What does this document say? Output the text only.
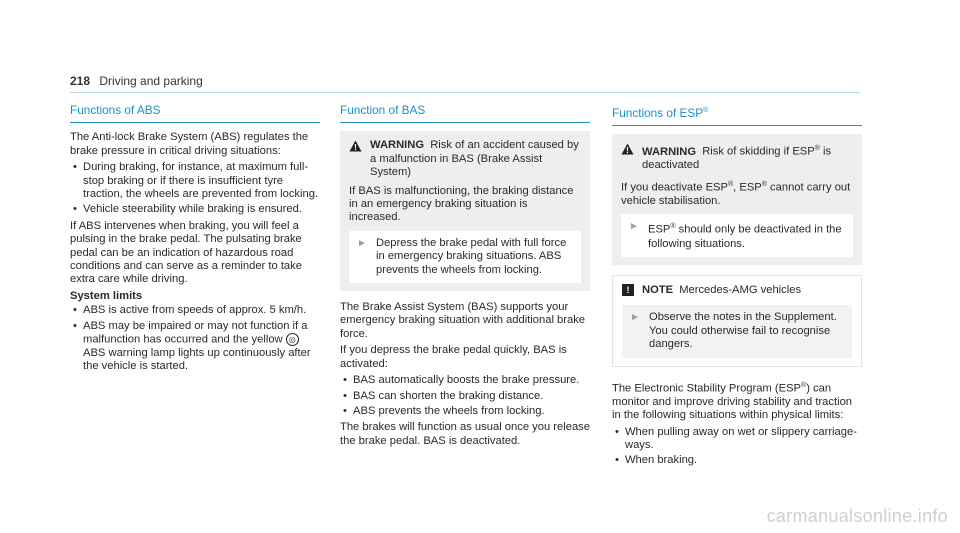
218 Driving and parking
Functions of ABS

The Anti-lock Brake System (ABS) regulates the brake pressure in critical driving situations:

• During braking, for instance, at maximum full-stop braking or if there is insufficient tyre traction, the wheels are prevented from locking.
• Vehicle steerability while braking is ensured.

If ABS intervenes when braking, you will feel a pulsing in the brake pedal. The pulsating brake pedal can be an indication of hazardous road conditions and can serve as a reminder to take extra care while driving.

System limits
• ABS is active from speeds of approx. 5 km/h.
• ABS may be impaired or may not function if a malfunction has occurred and the yellow ◎ ABS warning lamp lights up continuously after the vehicle is started.
Function of BAS
WARNING Risk of an accident caused by a malfunction in BAS (Brake Assist System)

If BAS is malfunctioning, the braking distance in an emergency braking situation is increased.

► Depress the brake pedal with full force in emergency braking situations. ABS prevents the wheels from locking.

The Brake Assist System (BAS) supports your emergency braking situation with additional brake force.

If you depress the brake pedal quickly, BAS is activated:

• BAS automatically boosts the brake pressure.
• BAS can shorten the braking distance.
• ABS prevents the wheels from locking.

The brakes will function as usual once you release the brake pedal. BAS is deactivated.

Functions of ESP®
WARNING Risk of skidding if ESP® is deactivated

If you deactivate ESP®, ESP® cannot carry out vehicle stabilisation.

► ESP® should only be deactivated in the following situations.
! NOTE Mercedes-AMG vehicles
► Observe the notes in the Supplement. You could otherwise fail to recognise dangers.

The Electronic Stability Program (ESP®) can monitor and improve driving stability and traction in the following situations within physical limits:

• When pulling away on wet or slippery carriage-ways.
• When braking.
carmanualsonline.info
